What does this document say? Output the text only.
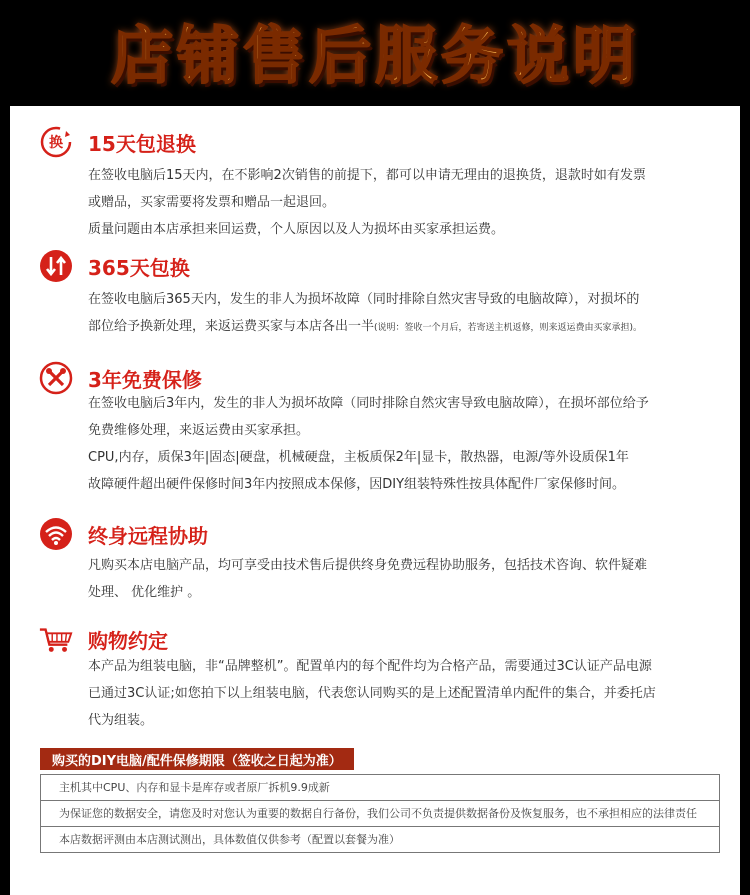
店铺售后服务说明
换 15天包退换
在签收电脑后15天内，在不影响2次销售的前提下，都可以申请无理由的退换货，退款时如有发票
或赠品，买家需要将发票和赠品一起退回。
质量问题由本店承担来回运费，个人原因以及人为损坏由买家承担运费。
365天包换
在签收电脑后365天内，发生的非人为损坏故障（同时排除自然灾害导致的电脑故障），对损坏的
部位给予换新处理，来返运费买家与本店各出一半(说明：签收一个月后，若寄送主机返修，则来返运费由买家承担)。
3年免费保修
在签收电脑后3年内，发生的非人为损坏故障（同时排除自然灾害导致电脑故障），在损坏部位给予
免费维修处理，来返运费由买家承担。
CPU,内存，质保3年|固态|硬盘，机械硬盘，主板质保2年|显卡，散热器，电源/等外设质保1年
故障硬件超出硬件保修时间3年内按照成本保修，因DIY组装特殊性按具体配件厂家保修时间。
终身远程协助
凡购买本店电脑产品，均可享受由技术售后提供终身免费远程协助服务，包括技术咨询、软件疑难
处理、 优化维护 。
购物约定
本产品为组装电脑，非“品牌整机”。配置单内的每个配件均为合格产品，需要通过3C认证产品电源
已通过3C认证;如您拍下以上组装电脑，代表您认同购买的是上述配置清单内配件的集合，并委托店
代为组装。
购买的DIY电脑/配件保修期限（签收之日起为准）
主机其中CPU、内存和显卡是库存或者原厂拆机9.9成新
为保证您的数据安全，请您及时对您认为重要的数据自行备份，我们公司不负责提供数据备份及恢复服务，也不承担相应的法律责任
本店数据评测由本店测试测出，具体数值仅供参考（配置以套餐为准）
